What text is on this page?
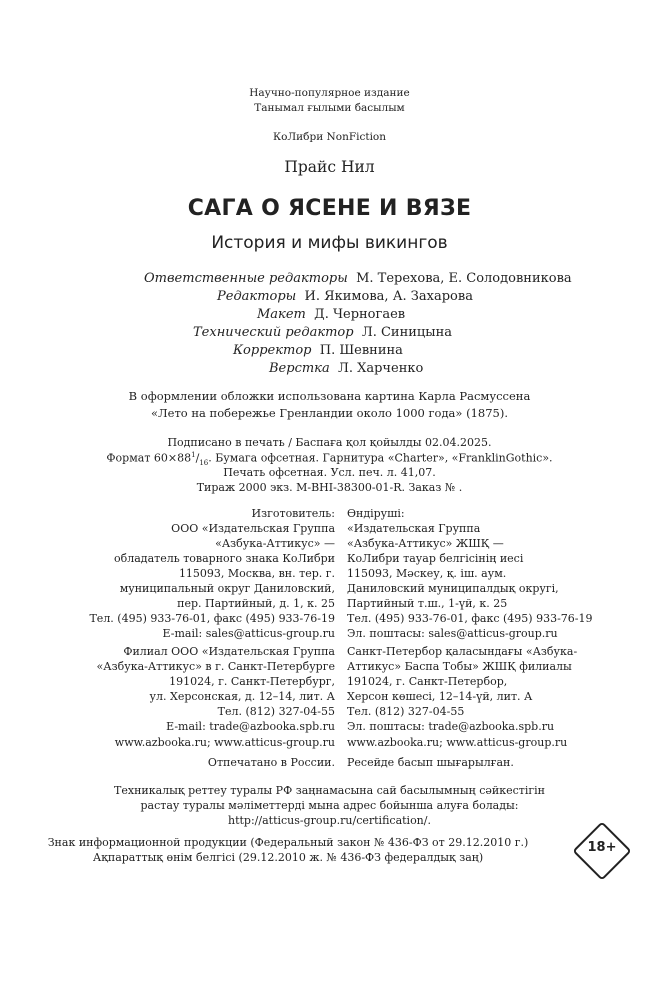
Научно-популярное издание
Танымал ғылыми басылым
КоЛибри NonFiction
Прайс Нил
САГА О ЯСЕНЕ И ВЯЗЕ
История и мифы викингов
Ответственные редакторы М. Терехова, Е. Солодовникова
Редакторы И. Якимова, А. Захарова
Макет Д. Черногаев
Технический редактор Л. Синицына
Корректор П. Шевнина
Верстка Л. Харченко
В оформлении обложки использована картина Карла Расмуссена
«Лето на побережье Гренландии около 1000 года» (1875).
Подписано в печать / Баспаға қол қойылды 02.04.2025.
Формат $60\times 88^1/_{16}$. Бумага офсетная. Гарнитура «Charter», «FranklinGothic».
Печать офсетная. Усл. печ. л. 41,07.
Тираж 2000 экз. M-BHI-38300-01-R. Заказ № .
Изготовитель:
ООО «Издательская Группа
«Азбука-Аттикус» —
обладатель товарного знака КоЛибри
115093, Москва, вн. тер. г.
муниципальный округ Даниловский,
пер. Партийный, д. 1, к. 25
Тел. (495) 933-76-01, факс (495) 933-76-19
E-mail: sales@atticus-group.ru
Филиал ООО «Издательская Группа
«Азбука-Аттикус» в г. Санкт-Петербурге
191024, г. Санкт-Петербург,
ул. Херсонская, д. 12–14, лит. А
Тел. (812) 327-04-55
E-mail: trade@azbooka.spb.ru
www.azbooka.ru; www.atticus-group.ru
Отпечатано в России.
Өндіруші:
«Издательская Группа
«Азбука-Аттикус» ЖШҚ —
КоЛибри тауар белгісінің иесі
115093, Мәскеу, қ. іш. аум.
Даниловский муниципалдық округі,
Партийный т.ш., 1-үй, к. 25
Тел. (495) 933-76-01, факс (495) 933-76-19
Эл. поштасы: sales@atticus-group.ru
Санкт-Петербор қаласындағы «Азбука-
Аттикус» Баспа Тобы» ЖШҚ филиалы
191024, г. Санкт-Петербор,
Херсон көшесі, 12–14-үй, лит. А
Тел. (812) 327-04-55
Эл. поштасы: trade@azbooka.spb.ru
www.azbooka.ru; www.atticus-group.ru
Ресейде басып шығарылған.
Техникалық реттеу туралы РФ заңнамасына сай басылымның сәйкестігін
растау туралы мәліметтерді мына адрес бойынша алуға болады:
http://atticus-group.ru/certification/.
Знак информационной продукции (Федеральный закон № 436-ФЗ от 29.12.2010 г.)
Ақпараттық өнім белгісі (29.12.2010 ж. № 436-ФЗ федералдық заң)
18+
